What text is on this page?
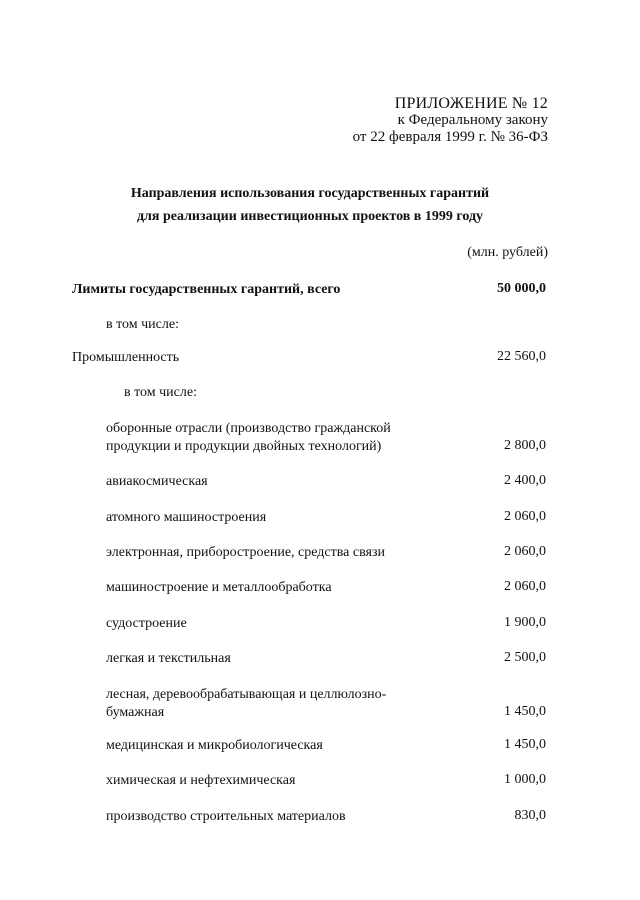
ПРИЛОЖЕНИЕ № 12
к Федеральному закону
от 22 февраля 1999 г. № 36-ФЗ
Направления использования государственных гарантий
для реализации инвестиционных проектов в 1999 году
(млн. рублей)
Лимиты государственных гарантий, всего	50 000,0
в том числе:
Промышленность	22 560,0
в том числе:
оборонные отрасли (производство гражданской
продукции и продукции двойных технологий)	2 800,0
авиакосмическая	2 400,0
атомного машиностроения	2 060,0
электронная, приборостроение, средства связи	2 060,0
машиностроение и металлообработка	2 060,0
судостроение	1 900,0
легкая и текстильная	2 500,0
лесная, деревообрабатывающая и целлюлозно-
бумажная	1 450,0
медицинская и микробиологическая	1 450,0
химическая и нефтехимическая	1 000,0
производство строительных материалов	830,0
